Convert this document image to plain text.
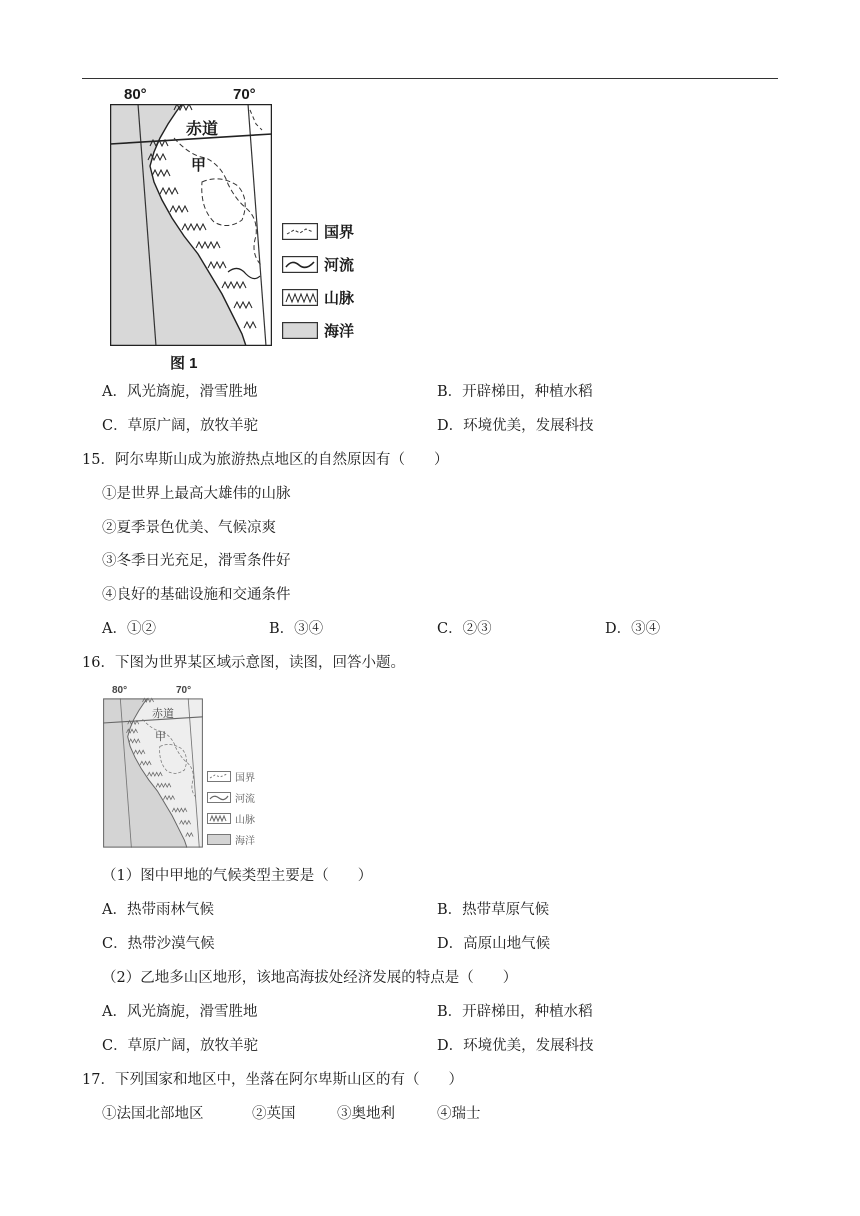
80°	70°
赤道
甲
图 1
国界
河流
山脉
海洋
A．风光旖旎，滑雪胜地	B．开辟梯田，种植水稻
C．草原广阔，放牧羊驼	D．环境优美，发展科技
15．阿尔卑斯山成为旅游热点地区的自然原因有（　　）
①是世界上最高大雄伟的山脉
②夏季景色优美、气候凉爽
③冬季日光充足，滑雪条件好
④良好的基础设施和交通条件
A．①②	B．③④	C．②③	D．③④
16．下图为世界某区域示意图，读图，回答小题。
80°	70°
赤道
甲
国界
河流
山脉
海洋
（1）图中甲地的气候类型主要是（　　）
A．热带雨林气候	B．热带草原气候
C．热带沙漠气候	D．高原山地气候
（2）乙地多山区地形，该地高海拔处经济发展的特点是（　　）
A．风光旖旎，滑雪胜地	B．开辟梯田，种植水稻
C．草原广阔，放牧羊驼	D．环境优美，发展科技
17．下列国家和地区中，坐落在阿尔卑斯山区的有（　　）
①法国北部地区	②英国	③奥地利	④瑞士
